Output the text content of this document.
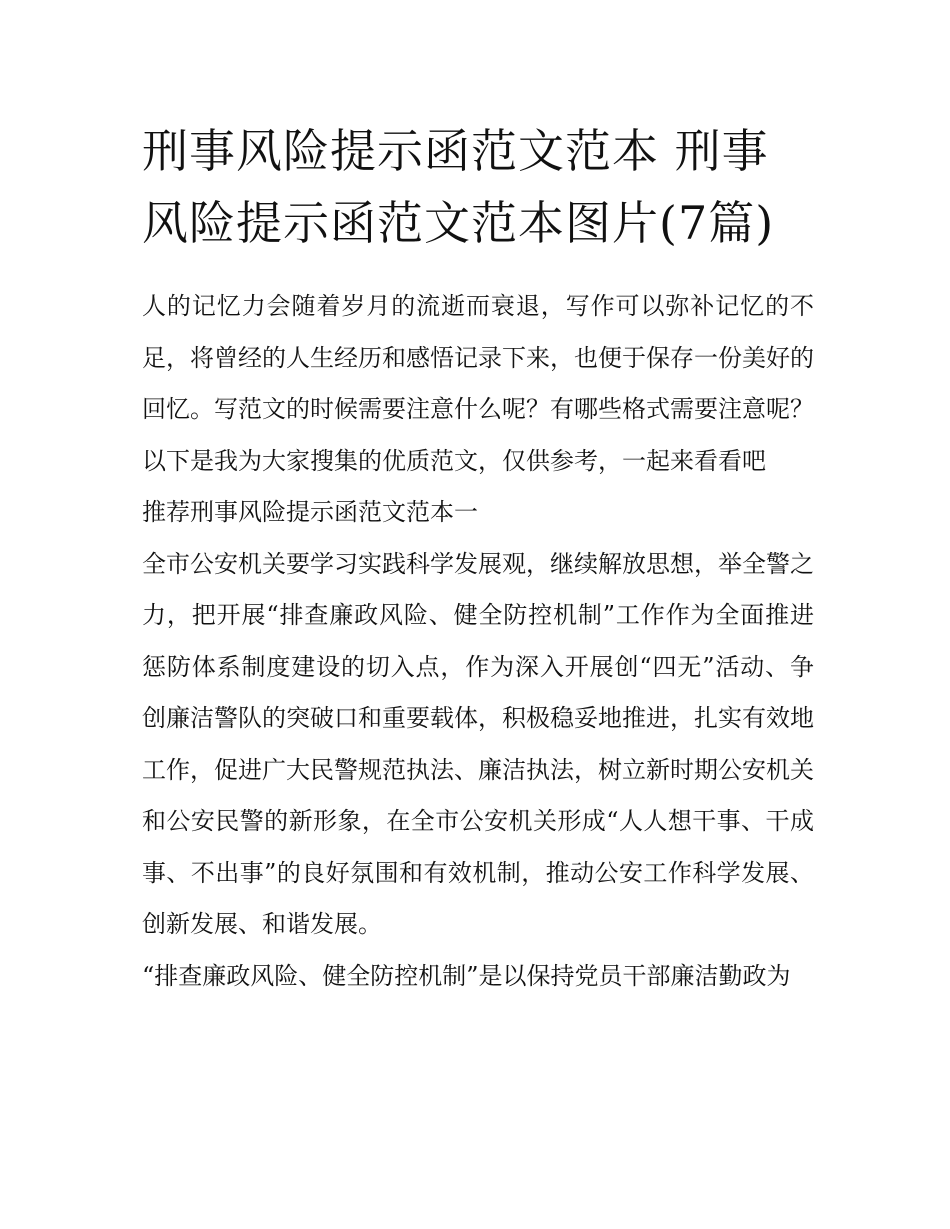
刑事风险提示函范文范本 刑事风险提示函范文范本图片(7篇)

人的记忆力会随着岁月的流逝而衰退，写作可以弥补记忆的不足，将曾经的人生经历和感悟记录下来，也便于保存一份美好的回忆。写范文的时候需要注意什么呢？有哪些格式需要注意呢？以下是我为大家搜集的优质范文，仅供参考，一起来看看吧

推荐刑事风险提示函范文范本一

全市公安机关要学习实践科学发展观，继续解放思想，举全警之力，把开展“排查廉政风险、健全防控机制”工作作为全面推进惩防体系制度建设的切入点，作为深入开展创“四无”活动、争创廉洁警队的突破口和重要载体，积极稳妥地推进，扎实有效地工作，促进广大民警规范执法、廉洁执法，树立新时期公安机关和公安民警的新形象，在全市公安机关形成“人人想干事、干成事、不出事”的良好氛围和有效机制，推动公安工作科学发展、创新发展、和谐发展。

“排查廉政风险、健全防控机制”是以保持党员干部廉洁勤政为
